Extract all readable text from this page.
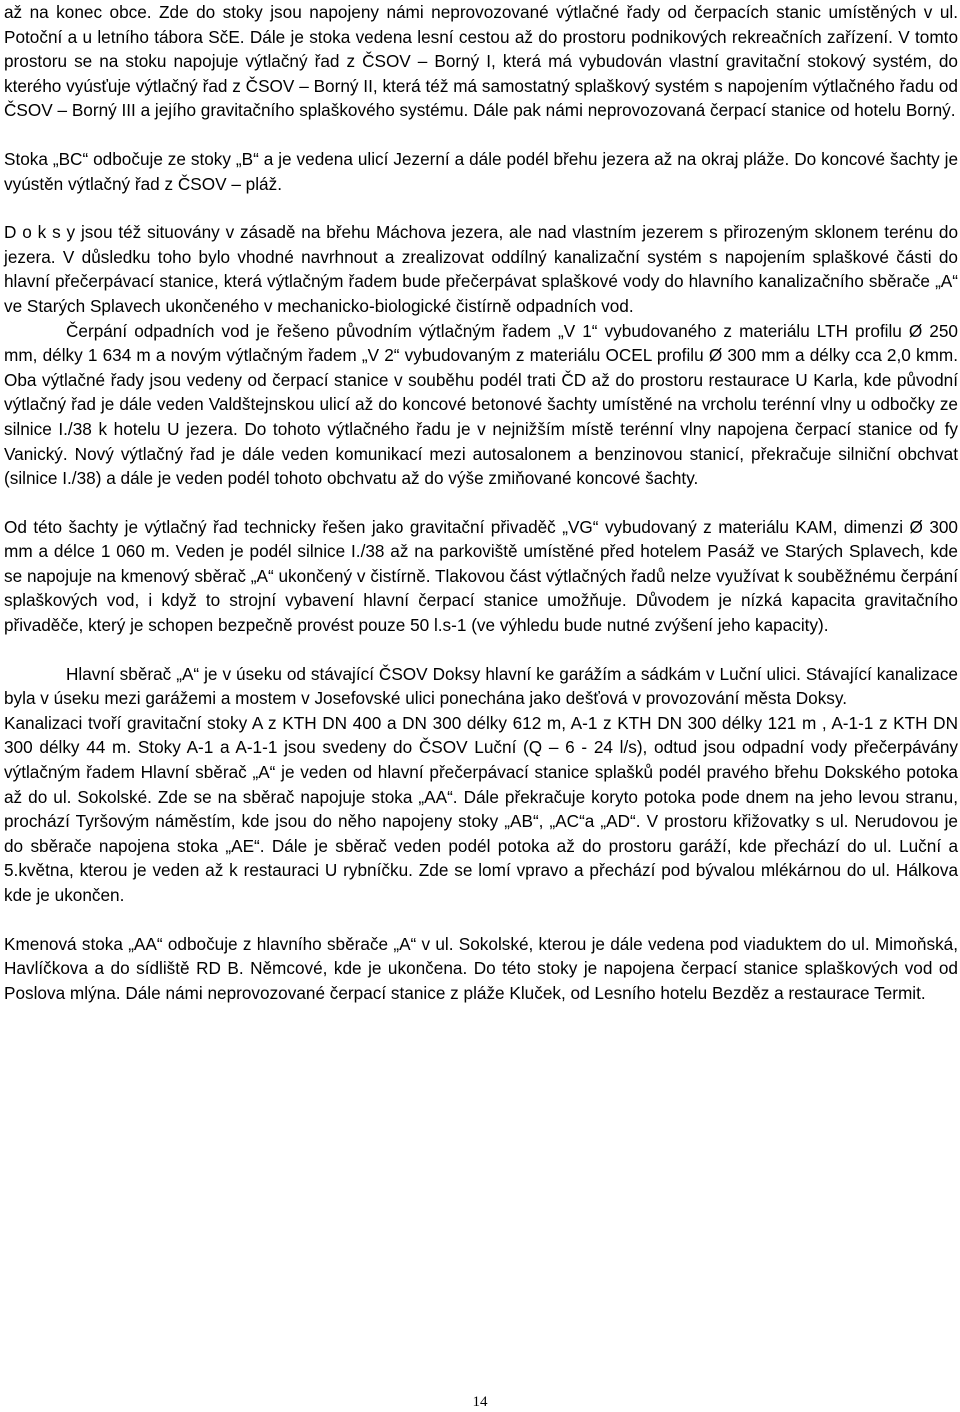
až na konec obce. Zde do stoky jsou napojeny námi neprovozované výtlačné řady od čerpacích stanic umístěných v ul. Potoční a u letního tábora SčE. Dále je stoka vedena lesní cestou až do prostoru podnikových rekreačních zařízení. V tomto prostoru se na stoku napojuje výtlačný řad z ČSOV – Borný I, která má vybudován vlastní gravitační stokový systém, do kterého vyúsťuje výtlačný řad z ČSOV – Borný II, která též má samostatný splaškový systém s napojením výtlačného řadu od ČSOV – Borný III a jejího gravitačního splaškového systému. Dále pak námi neprovozovaná čerpací stanice od hotelu Borný.

Stoka „BC“ odbočuje ze stoky „B“ a je vedena ulicí Jezerní a dále podél břehu jezera až na okraj pláže. Do koncové šachty je vyústěn výtlačný řad z ČSOV – pláž.

D o k s y jsou též situovány v zásadě na břehu Máchova jezera, ale nad vlastním jezerem s přirozeným sklonem terénu do jezera. V důsledku toho bylo vhodné navrhnout a zrealizovat oddílný kanalizační systém s napojením splaškové části do hlavní přečerpávací stanice, která výtlačným řadem bude přečerpávat splaškové vody do hlavního kanalizačního sběrače „A“ ve Starých Splavech ukončeného v mechanicko-biologické čistírně odpadních vod.

Čerpání odpadních vod je řešeno původním výtlačným řadem „V 1“ vybudovaného z materiálu LTH profilu Ø 250 mm, délky 1 634 m a novým výtlačným řadem „V 2“ vybudovaným z materiálu OCEL profilu Ø 300 mm a délky cca 2,0 kmm. Oba výtlačné řady jsou vedeny od čerpací stanice v souběhu podél trati ČD až do prostoru restaurace U Karla, kde původní výtlačný řad je dále veden Valdštejnskou ulicí až do koncové betonové šachty umístěné na vrcholu terénní vlny u odbočky ze silnice I./38 k hotelu U jezera. Do tohoto výtlačného řadu je v nejnižším místě terénní vlny napojena čerpací stanice od fy Vanický. Nový výtlačný řad je dále veden komunikací mezi autosalonem a benzinovou stanicí, překračuje silniční obchvat (silnice I./38) a dále je veden podél tohoto obchvatu až do výše zmiňované koncové šachty.

Od této šachty je výtlačný řad technicky řešen jako gravitační přivaděč „VG“ vybudovaný z materiálu KAM, dimenzi Ø 300 mm a délce 1 060 m. Veden je podél silnice I./38 až na parkoviště umístěné před hotelem Pasáž ve Starých Splavech, kde se napojuje na kmenový sběrač „A“ ukončený v čistírně. Tlakovou část výtlačných řadů nelze využívat k souběžnému čerpání splaškových vod, i když to strojní vybavení hlavní čerpací stanice umožňuje. Důvodem je nízká kapacita gravitačního přivaděče, který je schopen bezpečně provést pouze 50 l.s-1 (ve výhledu bude nutné zvýšení jeho kapacity).

Hlavní sběrač „A“ je v úseku od stávající ČSOV Doksy hlavní ke garážím a sádkám v Luční ulici. Stávající kanalizace byla v úseku mezi garážemi a mostem v Josefovské ulici ponechána jako dešťová v provozování města Doksy.

Kanalizaci tvoří gravitační stoky A z KTH DN 400 a DN 300 délky 612 m, A-1 z KTH DN 300 délky 121 m , A-1-1 z KTH DN 300 délky 44 m. Stoky A-1 a A-1-1 jsou svedeny do ČSOV Luční (Q – 6 - 24 l/s), odtud jsou odpadní vody přečerpávány výtlačným řadem Hlavní sběrač „A“ je veden od hlavní přečerpávací stanice splašků podél pravého břehu Dokského potoka až do ul. Sokolské. Zde se na sběrač napojuje stoka „AA“. Dále překračuje koryto potoka pode dnem na jeho levou stranu, prochází Tyršovým náměstím, kde jsou do něho napojeny stoky „AB“, „AC“a „AD“. V prostoru křižovatky s ul. Nerudovou je do sběrače napojena stoka „AE“. Dále je sběrač veden podél potoka až do prostoru garáží, kde přechází do ul. Luční a 5.května, kterou je veden až k restauraci U rybníčku. Zde se lomí vpravo a přechází pod bývalou mlékárnou do ul. Hálkova kde je ukončen.

Kmenová stoka „AA“ odbočuje z hlavního sběrače „A“ v ul. Sokolské, kterou je dále vedena pod viaduktem do ul. Mimoňská, Havlíčkova a do sídliště RD B. Němcové, kde je ukončena. Do této stoky je napojena čerpací stanice splaškových vod od Poslova mlýna. Dále námi neprovozované čerpací stanice z pláže Kluček, od Lesního hotelu Bezděz a restaurace Termit.

14
